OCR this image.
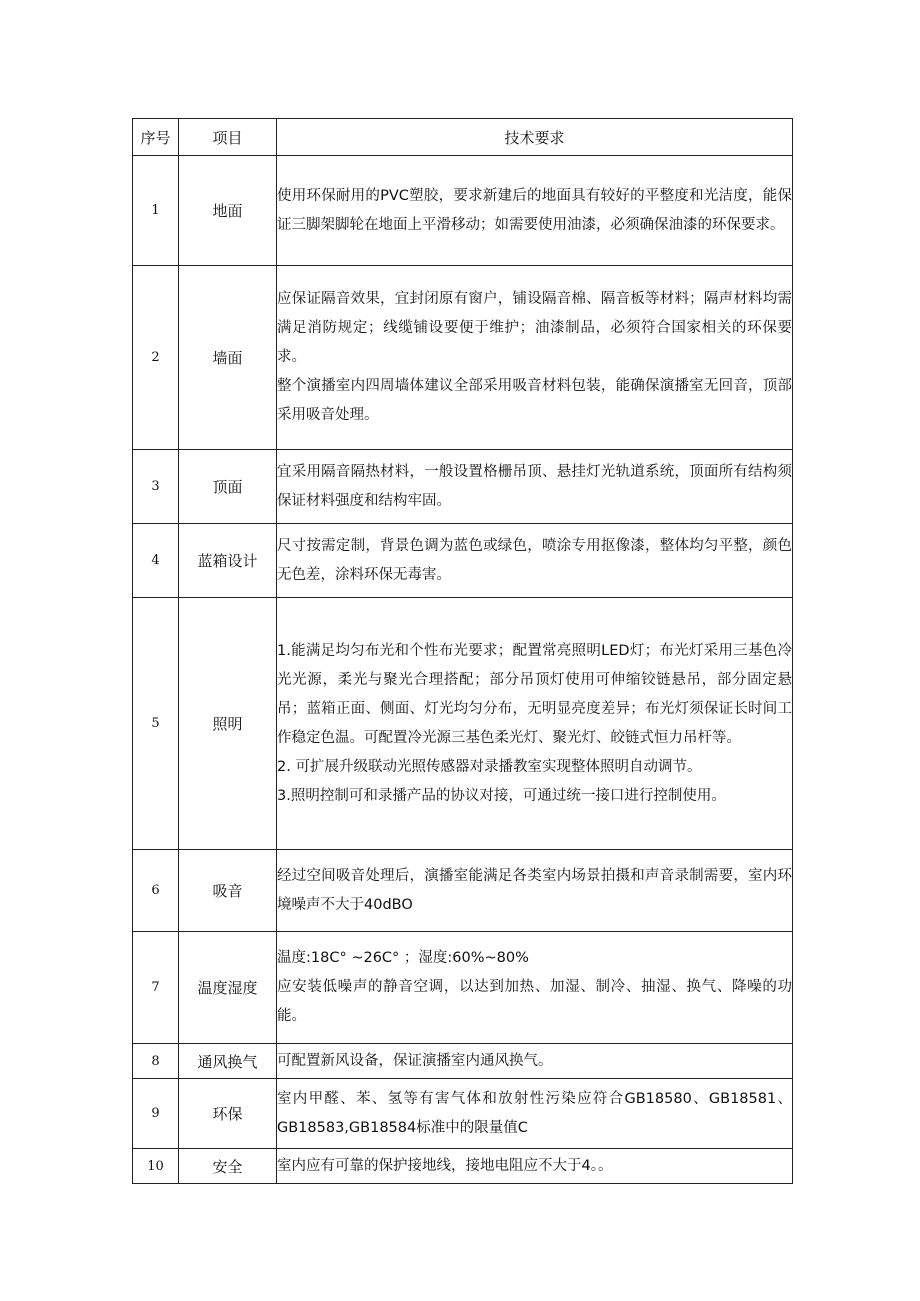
序号	项目	技术要求
1	地面	使用环保耐用的PVC塑胶，要求新建后的地面具有较好的平整度和光洁度，能保证三脚架脚轮在地面上平滑移动；如需要使用油漆，必须确保油漆的环保要求。

2	墙面	应保证隔音效果，宜封闭原有窗户，铺设隔音棉、隔音板等材料；隔声材料均需满足消防规定；线缆铺设要便于维护；油漆制品，必须符合国家相关的环保要求。

整个演播室内四周墙体建议全部采用吸音材料包装，能确保演播室无回音，顶部采用吸音处理。

3	顶面	宜采用隔音隔热材料，一般设置格栅吊顶、悬挂灯光轨道系统，顶面所有结构须保证材料强度和结构牢固。

4	蓝箱设计	尺寸按需定制，背景色调为蓝色或绿色，喷涂专用抠像漆，整体均匀平整，颜色无色差，涂料环保无毒害。

5	照明	1.能满足均匀布光和个性布光要求；配置常亮照明LED灯；布光灯采用三基色冷光光源，柔光与聚光合理搭配；部分吊顶灯使用可伸缩铰链悬吊，部分固定悬吊；蓝箱正面、侧面、灯光均匀分布，无明显亮度差异；布光灯须保证长时间工作稳定色温。可配置冷光源三基色柔光灯、聚光灯、皎链式恒力吊杆等。

2. 可扩展升级联动光照传感器对录播教室实现整体照明自动调节。

3.照明控制可和录播产品的协议对接，可通过统一接口进行控制使用。

6	吸音	经过空间吸音处理后，演播室能满足各类室内场景拍摄和声音录制需要，室内环境噪声不大于40dBO

7	温度湿度	温度:18C° ~26C° ；湿度:60%~80%

应安装低噪声的静音空调，以达到加热、加湿、制冷、抽湿、换气、降噪的功能。

8	通风换气	可配置新风设备，保证演播室内通风换气。

9	环保	室内甲醛、苯、氢等有害气体和放射性污染应符合GB18580、GB18581、GB18583,GB18584标准中的限量值C

10	安全	室内应有可靠的保护接地线，接地电阻应不大于4。。
